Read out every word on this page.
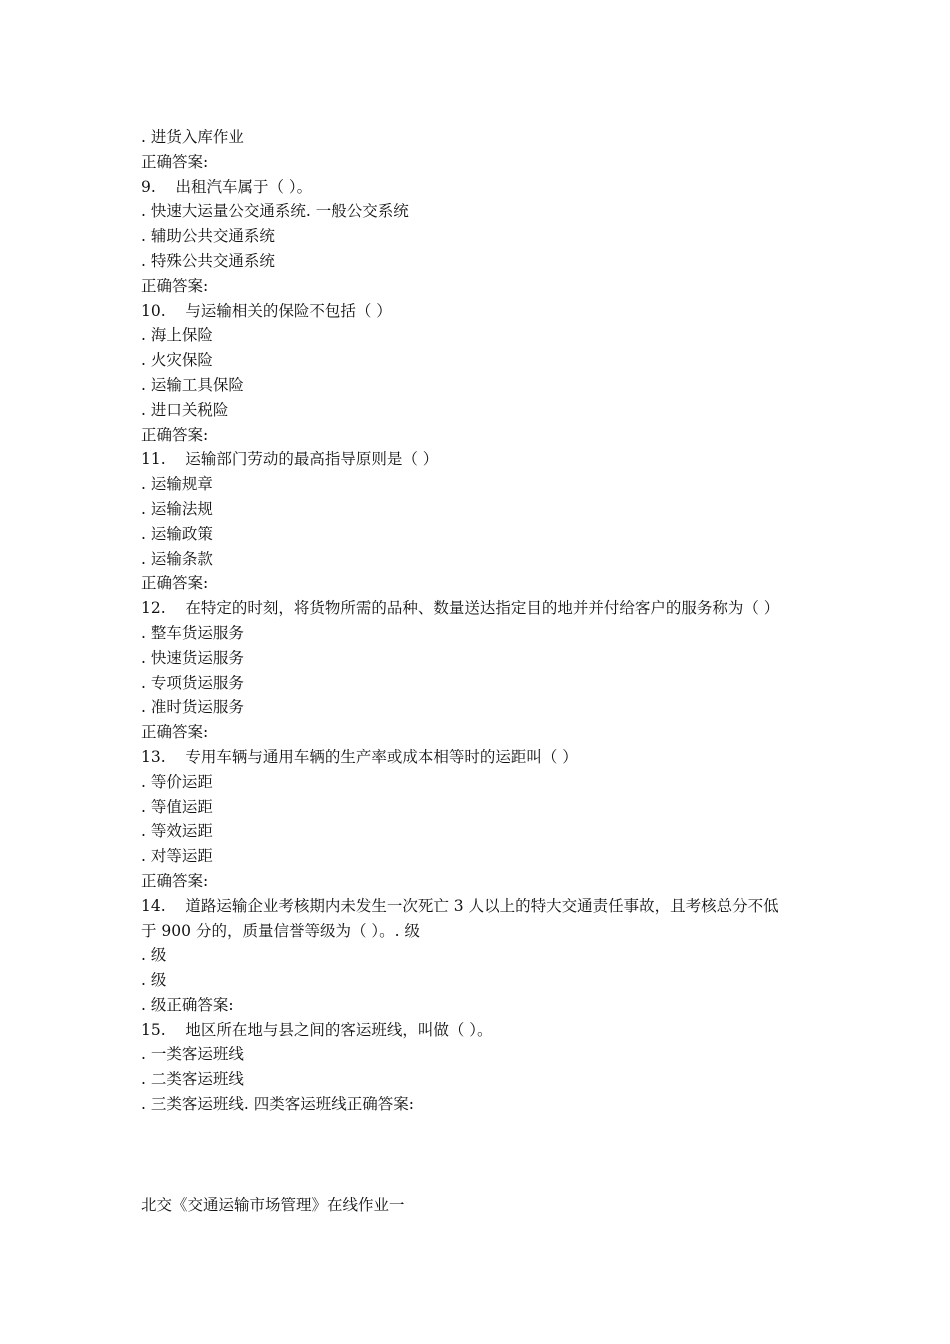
. 进货入库作业
正确答案:
9.    出租汽车属于（ ）。
. 快速大运量公交通系统. 一般公交系统
. 辅助公共交通系统
. 特殊公共交通系统
正确答案:
10.    与运输相关的保险不包括（ ）
. 海上保险
. 火灾保险
. 运输工具保险
. 进口关税险
正确答案:
11.    运输部门劳动的最高指导原则是（ ）
. 运输规章
. 运输法规
. 运输政策
. 运输条款
正确答案:
12.    在特定的时刻，将货物所需的品种、数量送达指定目的地并并付给客户的服务称为（ ）
. 整车货运服务
. 快速货运服务
. 专项货运服务
. 准时货运服务
正确答案:
13.    专用车辆与通用车辆的生产率或成本相等时的运距叫（ ）
. 等价运距
. 等值运距
. 等效运距
. 对等运距
正确答案:
14.    道路运输企业考核期内未发生一次死亡 3 人以上的特大交通责任事故，且考核总分不低
于 900 分的，质量信誉等级为（ ）。. 级
. 级
. 级
. 级正确答案:
15.    地区所在地与县之间的客运班线，叫做（ ）。
. 一类客运班线
. 二类客运班线
. 三类客运班线. 四类客运班线正确答案:
北交《交通运输市场管理》在线作业一
